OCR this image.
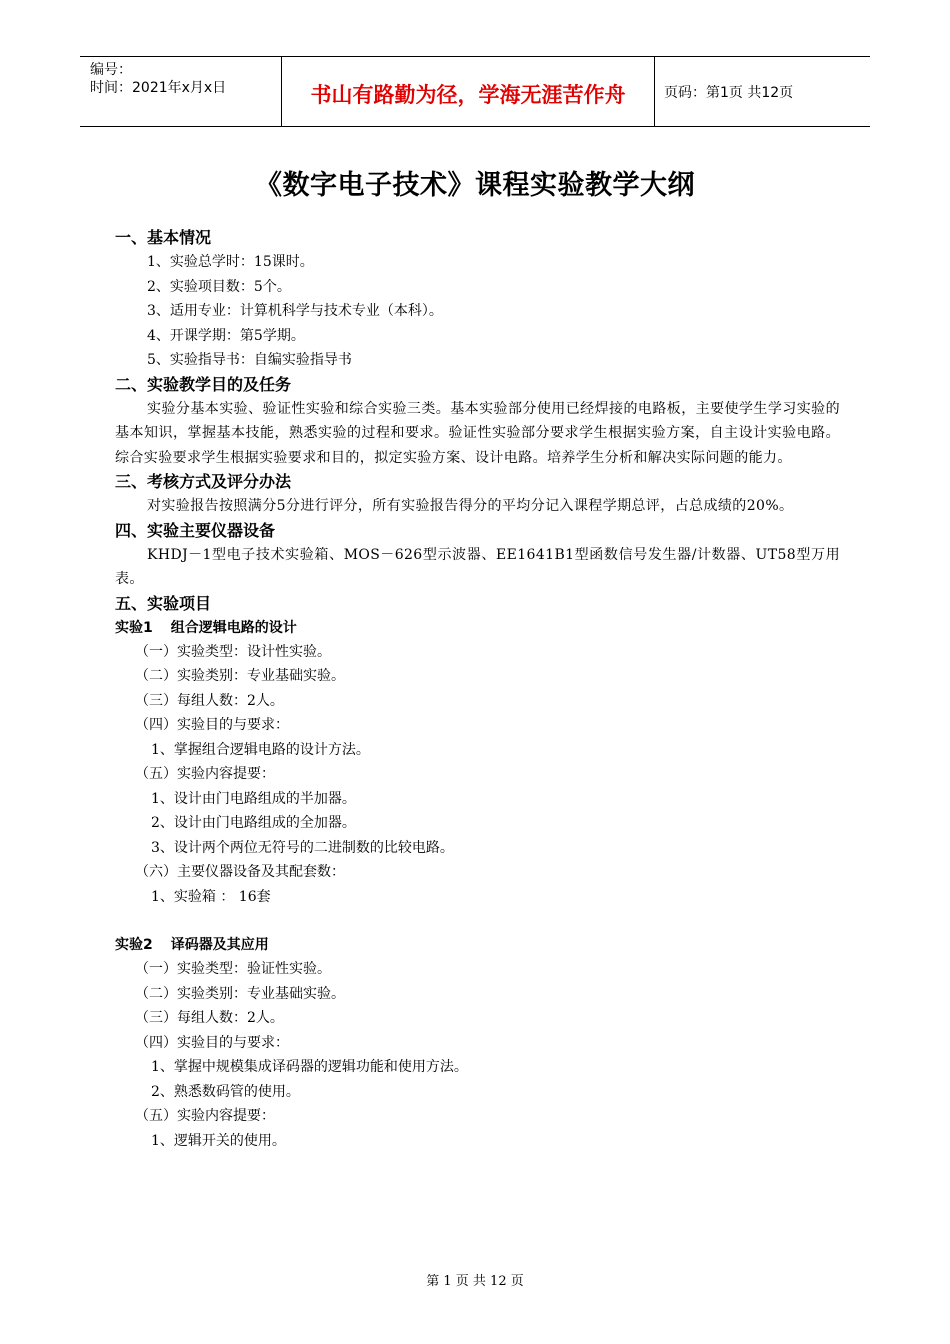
编号：
时间：2021年x月x日	书山有路勤为径，学海无涯苦作舟	页码：第1页 共12页
《数字电子技术》课程实验教学大纲
一、基本情况
1、实验总学时：15课时。
2、实验项目数：5个。
3、适用专业：计算机科学与技术专业（本科）。
4、开课学期：第5学期。
5、实验指导书：自编实验指导书
二、实验教学目的及任务

实验分基本实验、验证性实验和综合实验三类。基本实验部分使用已经焊接的电路板，主要使学生学习实验的基本知识，掌握基本技能，熟悉实验的过程和要求。验证性实验部分要求学生根据实验方案，自主设计实验电路。综合实验要求学生根据实验要求和目的，拟定实验方案、设计电路。培养学生分析和解决实际问题的能力。

三、考核方式及评分办法

对实验报告按照满分5分进行评分，所有实验报告得分的平均分记入课程学期总评，占总成绩的20%。

四、实验主要仪器设备

KHDJ－1型电子技术实验箱、MOS－626型示波器、EE1641B1型函数信号发生器/计数器、UT58型万用表。

五、实验项目
实验1 组合逻辑电路的设计
（一）实验类型：设计性实验。
（二）实验类别：专业基础实验。
（三）每组人数：2人。
（四）实验目的与要求：
1、掌握组合逻辑电路的设计方法。
（五）实验内容提要：
1、设计由门电路组成的半加器。
2、设计由门电路组成的全加器。
3、设计两个两位无符号的二进制数的比较电路。
（六）主要仪器设备及其配套数：
1、实验箱 ： 16套
实验2 译码器及其应用
（一）实验类型：验证性实验。
（二）实验类别：专业基础实验。
（三）每组人数：2人。
（四）实验目的与要求：
1、掌握中规模集成译码器的逻辑功能和使用方法。
2、熟悉数码管的使用。
（五）实验内容提要：
1、逻辑开关的使用。
第 1 页 共 12 页
